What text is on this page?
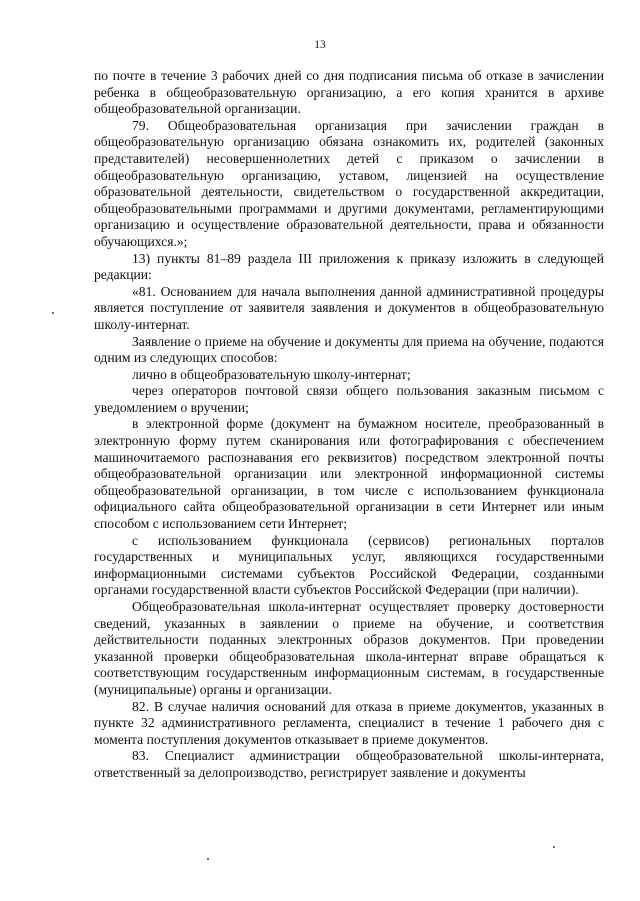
13

по почте в течение 3 рабочих дней со дня подписания письма об отказе в зачислении ребенка в общеобразовательную организацию, а его копия хранится в архиве общеобразовательной организации.

79. Общеобразовательная организация при зачислении граждан в общеобразовательную организацию обязана ознакомить их, родителей (законных представителей) несовершеннолетних детей с приказом о зачислении в общеобразовательную организацию, уставом, лицензией на осуществление образовательной деятельности, свидетельством о государственной аккредитации, общеобразовательными программами и другими документами, регламентирующими организацию и осуществление образовательной деятельности, права и обязанности обучающихся.»;

13) пункты 81–89 раздела III приложения к приказу изложить в следующей редакции:

«81. Основанием для начала выполнения данной административной процедуры является поступление от заявителя заявления и документов в общеобразовательную школу-интернат.

Заявление о приеме на обучение и документы для приема на обучение, подаются одним из следующих способов:

лично в общеобразовательную школу-интернат;

через операторов почтовой связи общего пользования заказным письмом с уведомлением о вручении;

в электронной форме (документ на бумажном носителе, преобразованный в электронную форму путем сканирования или фотографирования с обеспечением машиночитаемого распознавания его реквизитов) посредством электронной почты общеобразовательной организации или электронной информационной системы общеобразовательной организации, в том числе с использованием функционала официального сайта общеобразовательной организации в сети Интернет или иным способом с использованием сети Интернет;

с использованием функционала (сервисов) региональных порталов государственных и муниципальных услуг, являющихся государственными информационными системами субъектов Российской Федерации, созданными органами государственной власти субъектов Российской Федерации (при наличии).

Общеобразовательная школа-интернат осуществляет проверку достоверности сведений, указанных в заявлении о приеме на обучение, и соответствия действительности поданных электронных образов документов. При проведении указанной проверки общеобразовательная школа-интернат вправе обращаться к соответствующим государственным информационным системам, в государственные (муниципальные) органы и организации.

82. В случае наличия оснований для отказа в приеме документов, указанных в пункте 32 административного регламента, специалист в течение 1 рабочего дня с момента поступления документов отказывает в приеме документов.

83. Специалист администрации общеобразовательной школы-интерната, ответственный за делопроизводство, регистрирует заявление и документы
